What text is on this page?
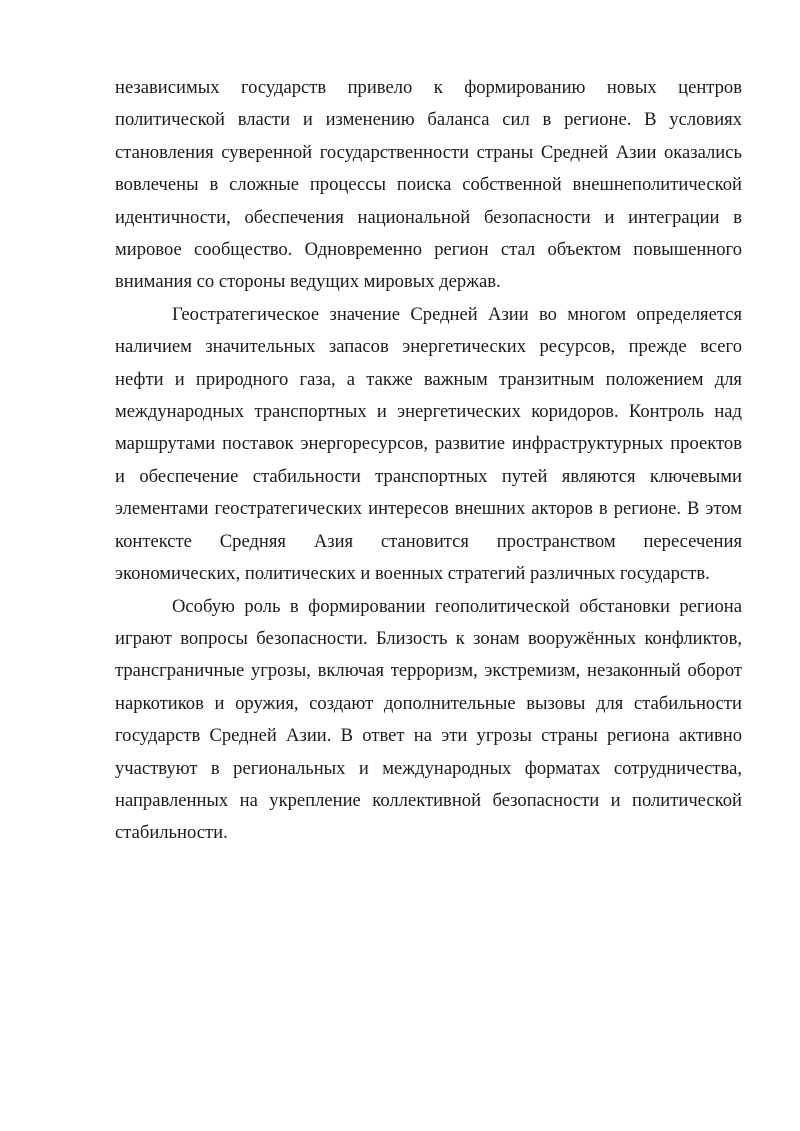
независимых государств привело к формированию новых центров политической власти и изменению баланса сил в регионе. В условиях становления суверенной государственности страны Средней Азии оказались вовлечены в сложные процессы поиска собственной внешнеполитической идентичности, обеспечения национальной безопасности и интеграции в мировое сообщество. Одновременно регион стал объектом повышенного внимания со стороны ведущих мировых держав.

Геостратегическое значение Средней Азии во многом определяется наличием значительных запасов энергетических ресурсов, прежде всего нефти и природного газа, а также важным транзитным положением для международных транспортных и энергетических коридоров. Контроль над маршрутами поставок энергоресурсов, развитие инфраструктурных проектов и обеспечение стабильности транспортных путей являются ключевыми элементами геостратегических интересов внешних акторов в регионе. В этом контексте Средняя Азия становится пространством пересечения экономических, политических и военных стратегий различных государств.

Особую роль в формировании геополитической обстановки региона играют вопросы безопасности. Близость к зонам вооружённых конфликтов, трансграничные угрозы, включая терроризм, экстремизм, незаконный оборот наркотиков и оружия, создают дополнительные вызовы для стабильности государств Средней Азии. В ответ на эти угрозы страны региона активно участвуют в региональных и международных форматах сотрудничества, направленных на укрепление коллективной безопасности и политической стабильности.
